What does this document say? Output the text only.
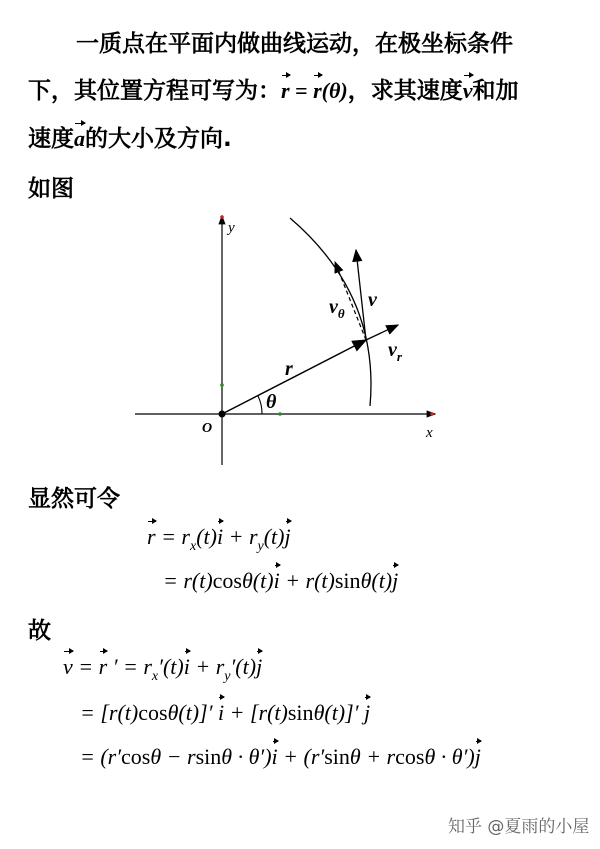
一质点在平面内做曲线运动，在极坐标条件
下，其位置方程可写为：r = r(θ)，求其速度v和加
速度a的大小及方向.
如图
y
x
O
r
θ
v
$v_\theta$
$v_r$
显然可令
$r = r_x(t)i + r_y(t)j$
= r(t)cosθ(t)i + r(t)sinθ(t)j
故
v = r ′ = $r_x'(t)i + r_y'(t)j$
= [r(t)cosθ(t)]′ i + [r(t)sinθ(t)]′ j
= (r′cosθ − rsinθ · θ′)i + (r′sinθ + rcosθ · θ′)j
知乎 @夏雨的小屋
